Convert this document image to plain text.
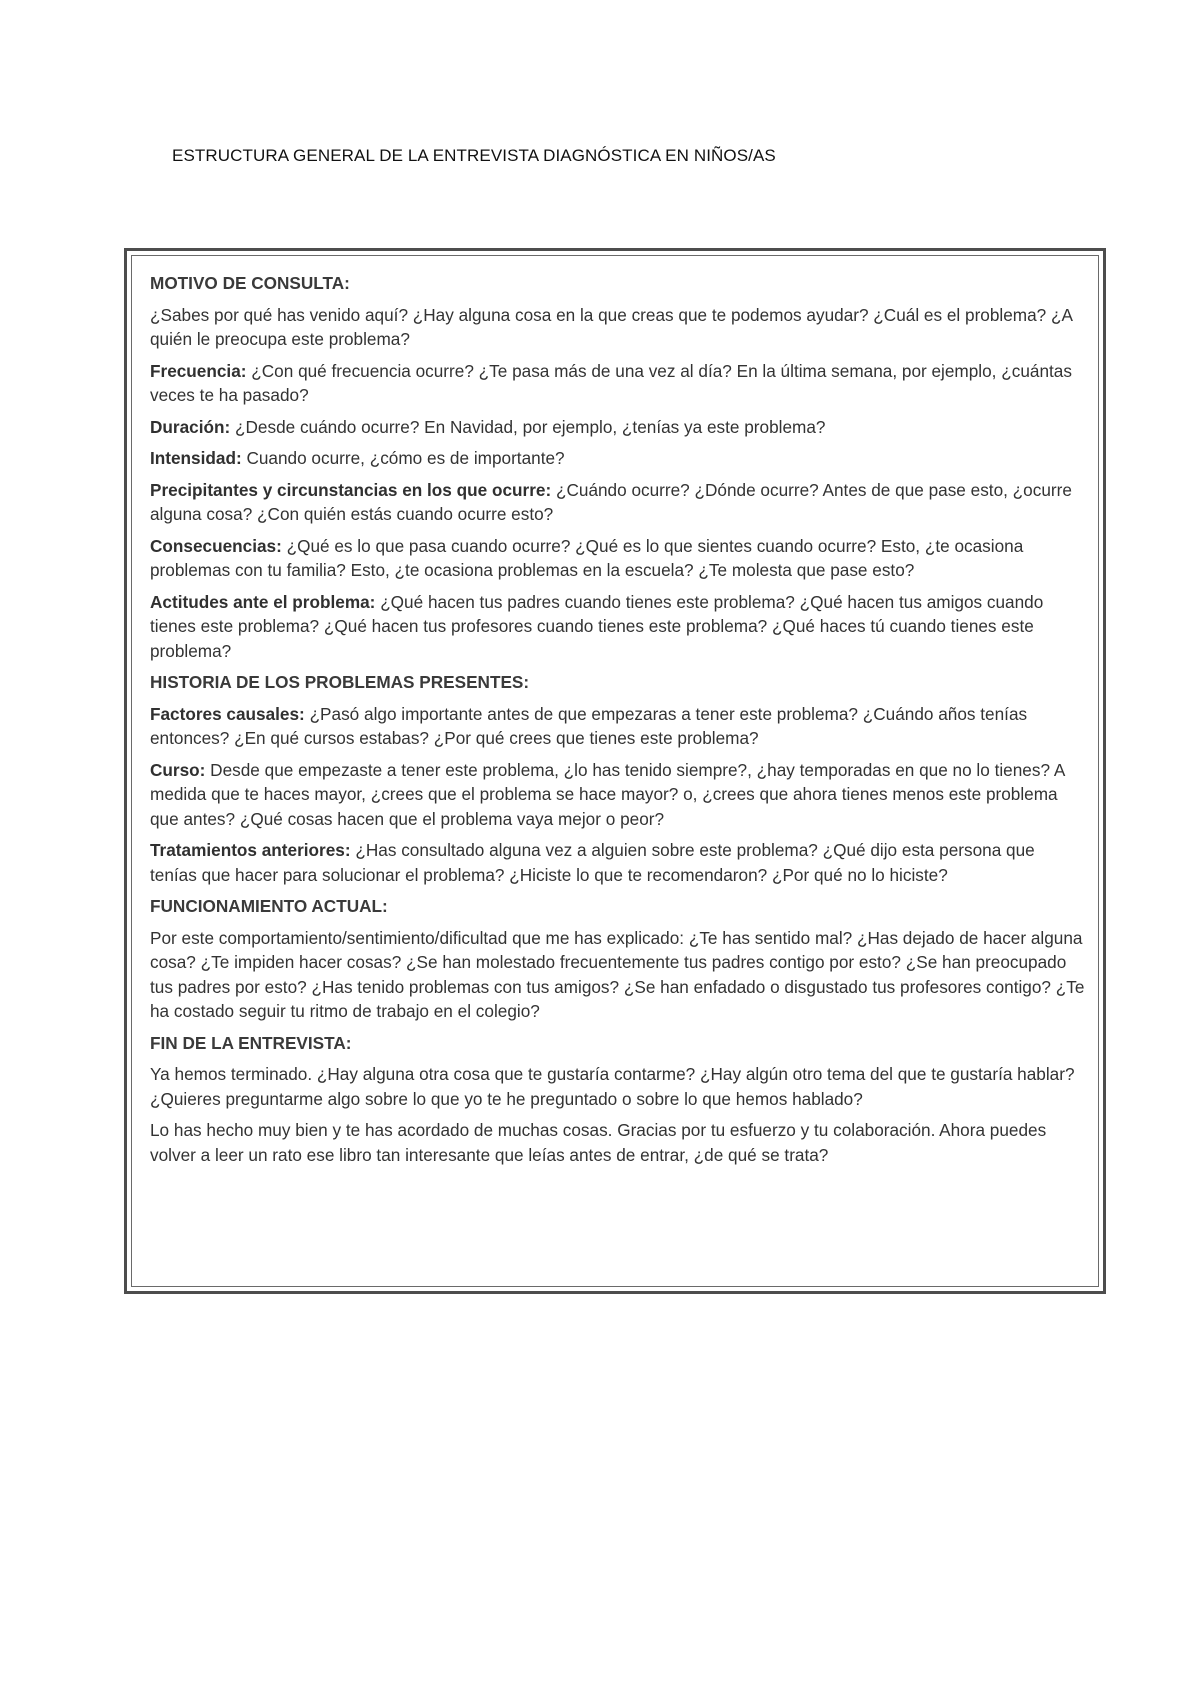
ESTRUCTURA GENERAL DE LA ENTREVISTA DIAGNÓSTICA EN NIÑOS/AS
MOTIVO DE CONSULTA:
¿Sabes por qué has venido aquí? ¿Hay alguna cosa en la que creas que te podemos ayudar? ¿Cuál es el problema? ¿A quién le preocupa este problema?
Frecuencia: ¿Con qué frecuencia ocurre? ¿Te pasa más de una vez al día? En la última semana, por ejemplo, ¿cuántas veces te ha pasado?
Duración: ¿Desde cuándo ocurre? En Navidad, por ejemplo, ¿tenías ya este problema?
Intensidad: Cuando ocurre, ¿cómo es de importante?
Precipitantes y circunstancias en los que ocurre: ¿Cuándo ocurre? ¿Dónde ocurre? Antes de que pase esto, ¿ocurre alguna cosa? ¿Con quién estás cuando ocurre esto?
Consecuencias: ¿Qué es lo que pasa cuando ocurre? ¿Qué es lo que sientes cuando ocurre? Esto, ¿te ocasiona problemas con tu familia? Esto, ¿te ocasiona problemas en la escuela? ¿Te molesta que pase esto?
Actitudes ante el problema: ¿Qué hacen tus padres cuando tienes este problema? ¿Qué hacen tus amigos cuando tienes este problema? ¿Qué hacen tus profesores cuando tienes este problema? ¿Qué haces tú cuando tienes este problema?
HISTORIA DE LOS PROBLEMAS PRESENTES:
Factores causales: ¿Pasó algo importante antes de que empezaras a tener este problema? ¿Cuándo años tenías entonces? ¿En qué cursos estabas? ¿Por qué crees que tienes este problema?
Curso: Desde que empezaste a tener este problema, ¿lo has tenido siempre?, ¿hay temporadas en que no lo tienes? A medida que te haces mayor, ¿crees que el problema se hace mayor? o, ¿crees que ahora tienes menos este problema que antes? ¿Qué cosas hacen que el problema vaya mejor o peor?
Tratamientos anteriores: ¿Has consultado alguna vez a alguien sobre este problema? ¿Qué dijo esta persona que tenías que hacer para solucionar el problema? ¿Hiciste lo que te recomendaron? ¿Por qué no lo hiciste?
FUNCIONAMIENTO ACTUAL:
Por este comportamiento/sentimiento/dificultad que me has explicado: ¿Te has sentido mal? ¿Has dejado de hacer alguna cosa? ¿Te impiden hacer cosas? ¿Se han molestado frecuentemente tus padres contigo por esto? ¿Se han preocupado tus padres por esto? ¿Has tenido problemas con tus amigos? ¿Se han enfadado o disgustado tus profesores contigo? ¿Te ha costado seguir tu ritmo de trabajo en el colegio?
FIN DE LA ENTREVISTA:
Ya hemos terminado. ¿Hay alguna otra cosa que te gustaría contarme? ¿Hay algún otro tema del que te gustaría hablar? ¿Quieres preguntarme algo sobre lo que yo te he preguntado o sobre lo que hemos hablado?
Lo has hecho muy bien y te has acordado de muchas cosas. Gracias por tu esfuerzo y tu colaboración. Ahora puedes volver a leer un rato ese libro tan interesante que leías antes de entrar, ¿de qué se trata?
